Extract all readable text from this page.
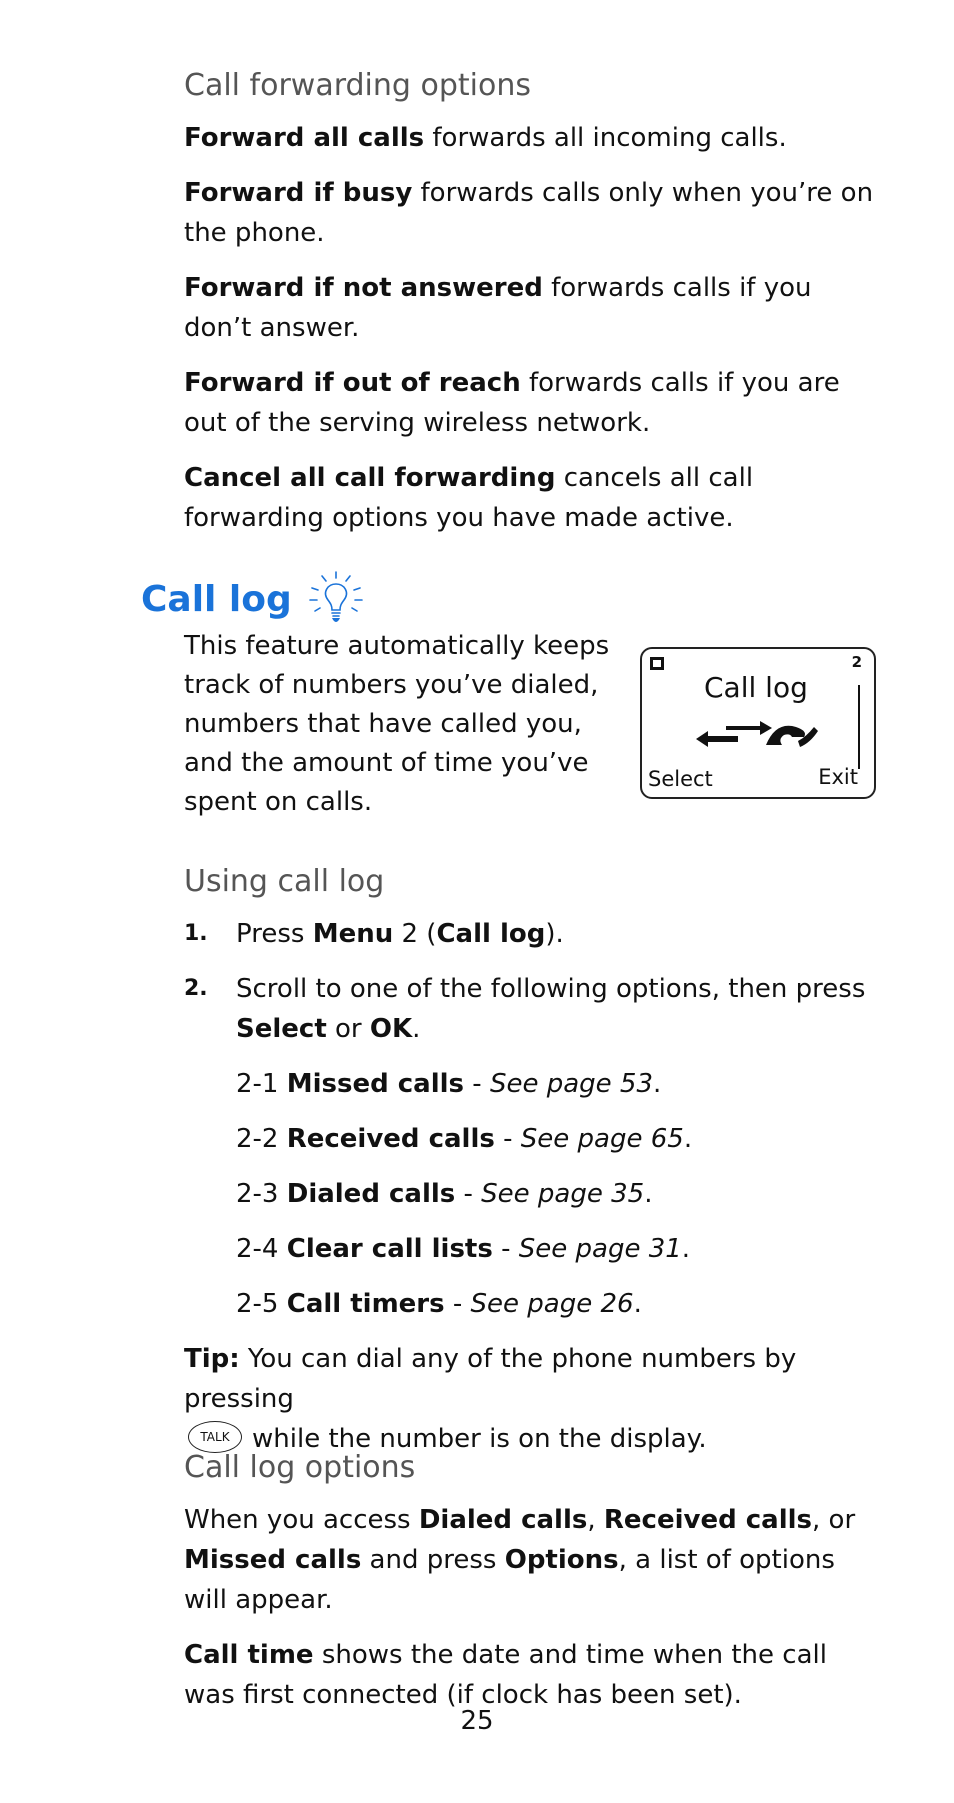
Call forwarding options

Forward all calls forwards all incoming calls.

Forward if busy forwards calls only when you’re on the phone.

Forward if not answered forwards calls if you don’t answer.

Forward if out of reach forwards calls if you are out of the serving wireless network.

Cancel all call forwarding cancels all call forwarding options you have made active.

Call log

This feature automatically keeps track of numbers you’ve dialed, numbers that have called you, and the amount of time you’ve spent on calls.

2
Call log
Select	Exit
Using call log
1.	Press Menu 2 (Call log).
2.	Scroll to one of the following options, then press Select or OK.

2-1 Missed calls - See page 53.

2-2 Received calls - See page 65.

2-3 Dialed calls - See page 35.

2-4 Clear call lists - See page 31.

2-5 Call timers - See page 26.

Tip: You can dial any of the phone numbers by pressing
TALK while the number is on the display.

Call log options

When you access Dialed calls, Received calls, or Missed calls and press Options, a list of options will appear.

Call time shows the date and time when the call was first connected (if clock has been set).

25
